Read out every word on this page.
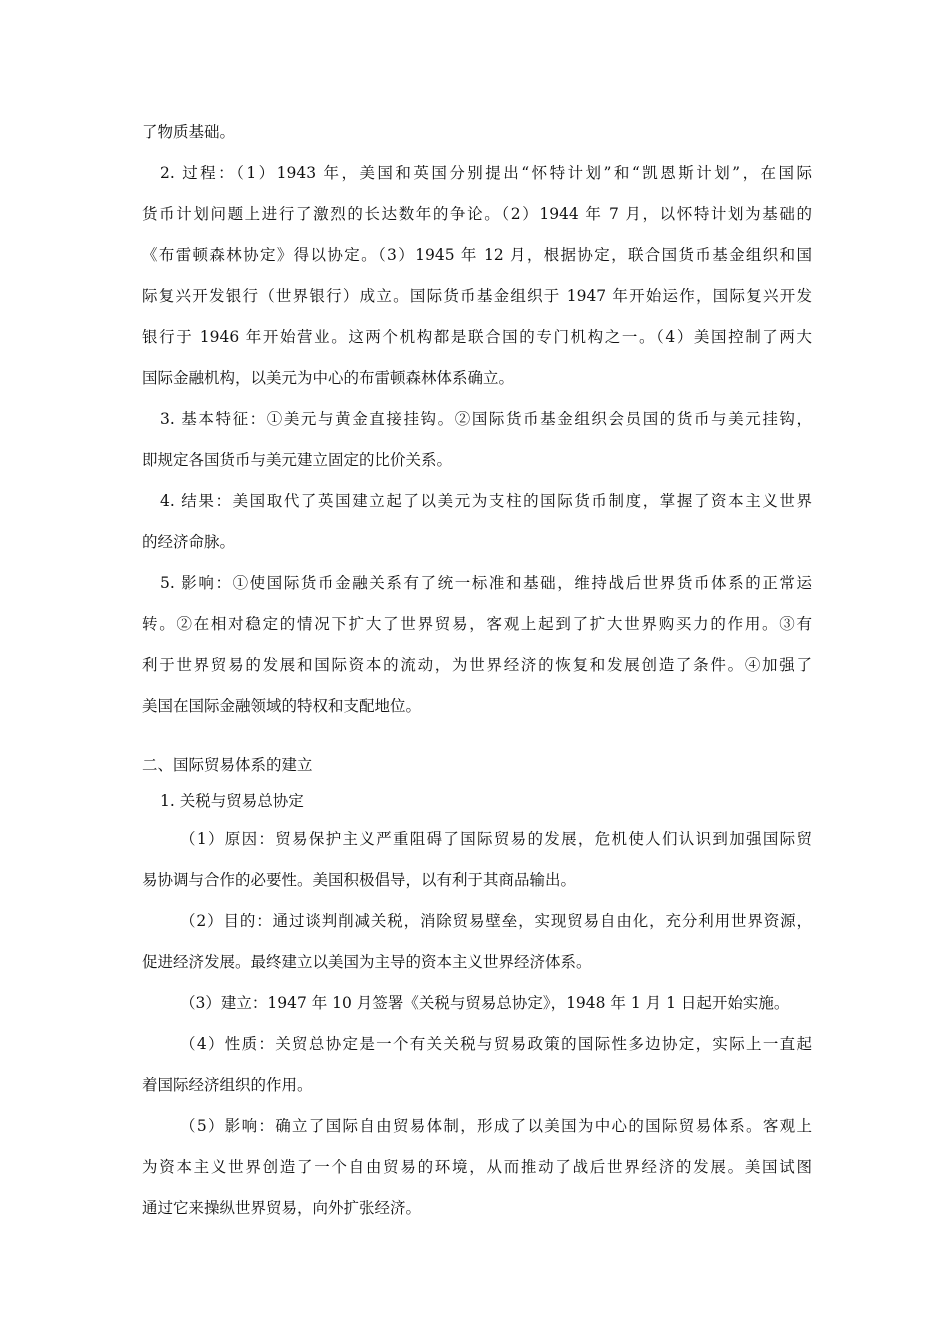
了物质基础。
2. 过程：（1）1943 年，美国和英国分别提出“怀特计划”和“凯恩斯计划”，在国际
货币计划问题上进行了激烈的长达数年的争论。（2）1944 年 7 月，以怀特计划为基础的
《布雷顿森林协定》得以协定。（3）1945 年 12 月，根据协定，联合国货币基金组织和国
际复兴开发银行（世界银行）成立。国际货币基金组织于 1947 年开始运作，国际复兴开发
银行于 1946 年开始营业。这两个机构都是联合国的专门机构之一。（4）美国控制了两大
国际金融机构，以美元为中心的布雷顿森林体系确立。
3. 基本特征：①美元与黄金直接挂钩。②国际货币基金组织会员国的货币与美元挂钩，
即规定各国货币与美元建立固定的比价关系。
4. 结果：美国取代了英国建立起了以美元为支柱的国际货币制度，掌握了资本主义世界
的经济命脉。
5. 影响：①使国际货币金融关系有了统一标准和基础，维持战后世界货币体系的正常运
转。②在相对稳定的情况下扩大了世界贸易，客观上起到了扩大世界购买力的作用。③有
利于世界贸易的发展和国际资本的流动，为世界经济的恢复和发展创造了条件。④加强了
美国在国际金融领域的特权和支配地位。
二、国际贸易体系的建立
1. 关税与贸易总协定
（1）原因：贸易保护主义严重阻碍了国际贸易的发展，危机使人们认识到加强国际贸
易协调与合作的必要性。美国积极倡导，以有利于其商品输出。
（2）目的：通过谈判削减关税，消除贸易壁垒，实现贸易自由化，充分利用世界资源，
促进经济发展。最终建立以美国为主导的资本主义世界经济体系。
（3）建立：1947 年 10 月签署《关税与贸易总协定》，1948 年 1 月 1 日起开始实施。
（4）性质：关贸总协定是一个有关关税与贸易政策的国际性多边协定，实际上一直起
着国际经济组织的作用。
（5）影响：确立了国际自由贸易体制，形成了以美国为中心的国际贸易体系。客观上
为资本主义世界创造了一个自由贸易的环境，从而推动了战后世界经济的发展。美国试图
通过它来操纵世界贸易，向外扩张经济。
